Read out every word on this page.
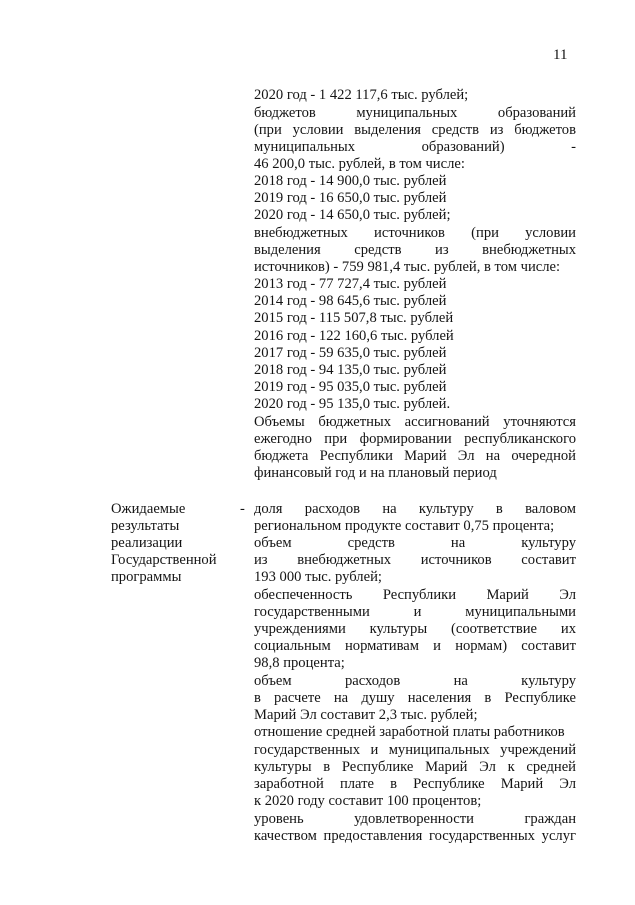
11
2020 год - 1 422 117,6 тыс. рублей;
бюджетов муниципальных образований
(при условии выделения средств из бюджетов
муниципальных образований) -
46 200,0 тыс. рублей, в том числе:
2018 год - 14 900,0 тыс. рублей
2019 год - 16 650,0 тыс. рублей
2020 год - 14 650,0 тыс. рублей;
внебюджетных источников (при условии
выделения средств из внебюджетных
источников) - 759 981,4 тыс. рублей, в том числе:
2013 год - 77 727,4 тыс. рублей
2014 год - 98 645,6 тыс. рублей
2015 год - 115 507,8 тыс. рублей
2016 год - 122 160,6 тыс. рублей
2017 год - 59 635,0 тыс. рублей
2018 год - 94 135,0 тыс. рублей
2019 год - 95 035,0 тыс. рублей
2020 год - 95 135,0 тыс. рублей.
Объемы бюджетных ассигнований уточняются
ежегодно при формировании республиканского
бюджета Республики Марий Эл на очередной
финансовый год и на плановый период
Ожидаемые
результаты
реализации
Государственной
программы
- доля расходов на культуру в валовом
региональном продукте составит 0,75 процента;
объем средств на культуру
из внебюджетных источников составит
193 000 тыс. рублей;
обеспеченность Республики Марий Эл
государственными и муниципальными
учреждениями культуры (соответствие их
социальным нормативам и нормам) составит
98,8 процента;
объем расходов на культуру
в расчете на душу населения в Республике
Марий Эл составит 2,3 тыс. рублей;
отношение средней заработной платы работников
государственных и муниципальных учреждений
культуры в Республике Марий Эл к средней
заработной плате в Республике Марий Эл
к 2020 году составит 100 процентов;
уровень удовлетворенности граждан
качеством предоставления государственных услуг
